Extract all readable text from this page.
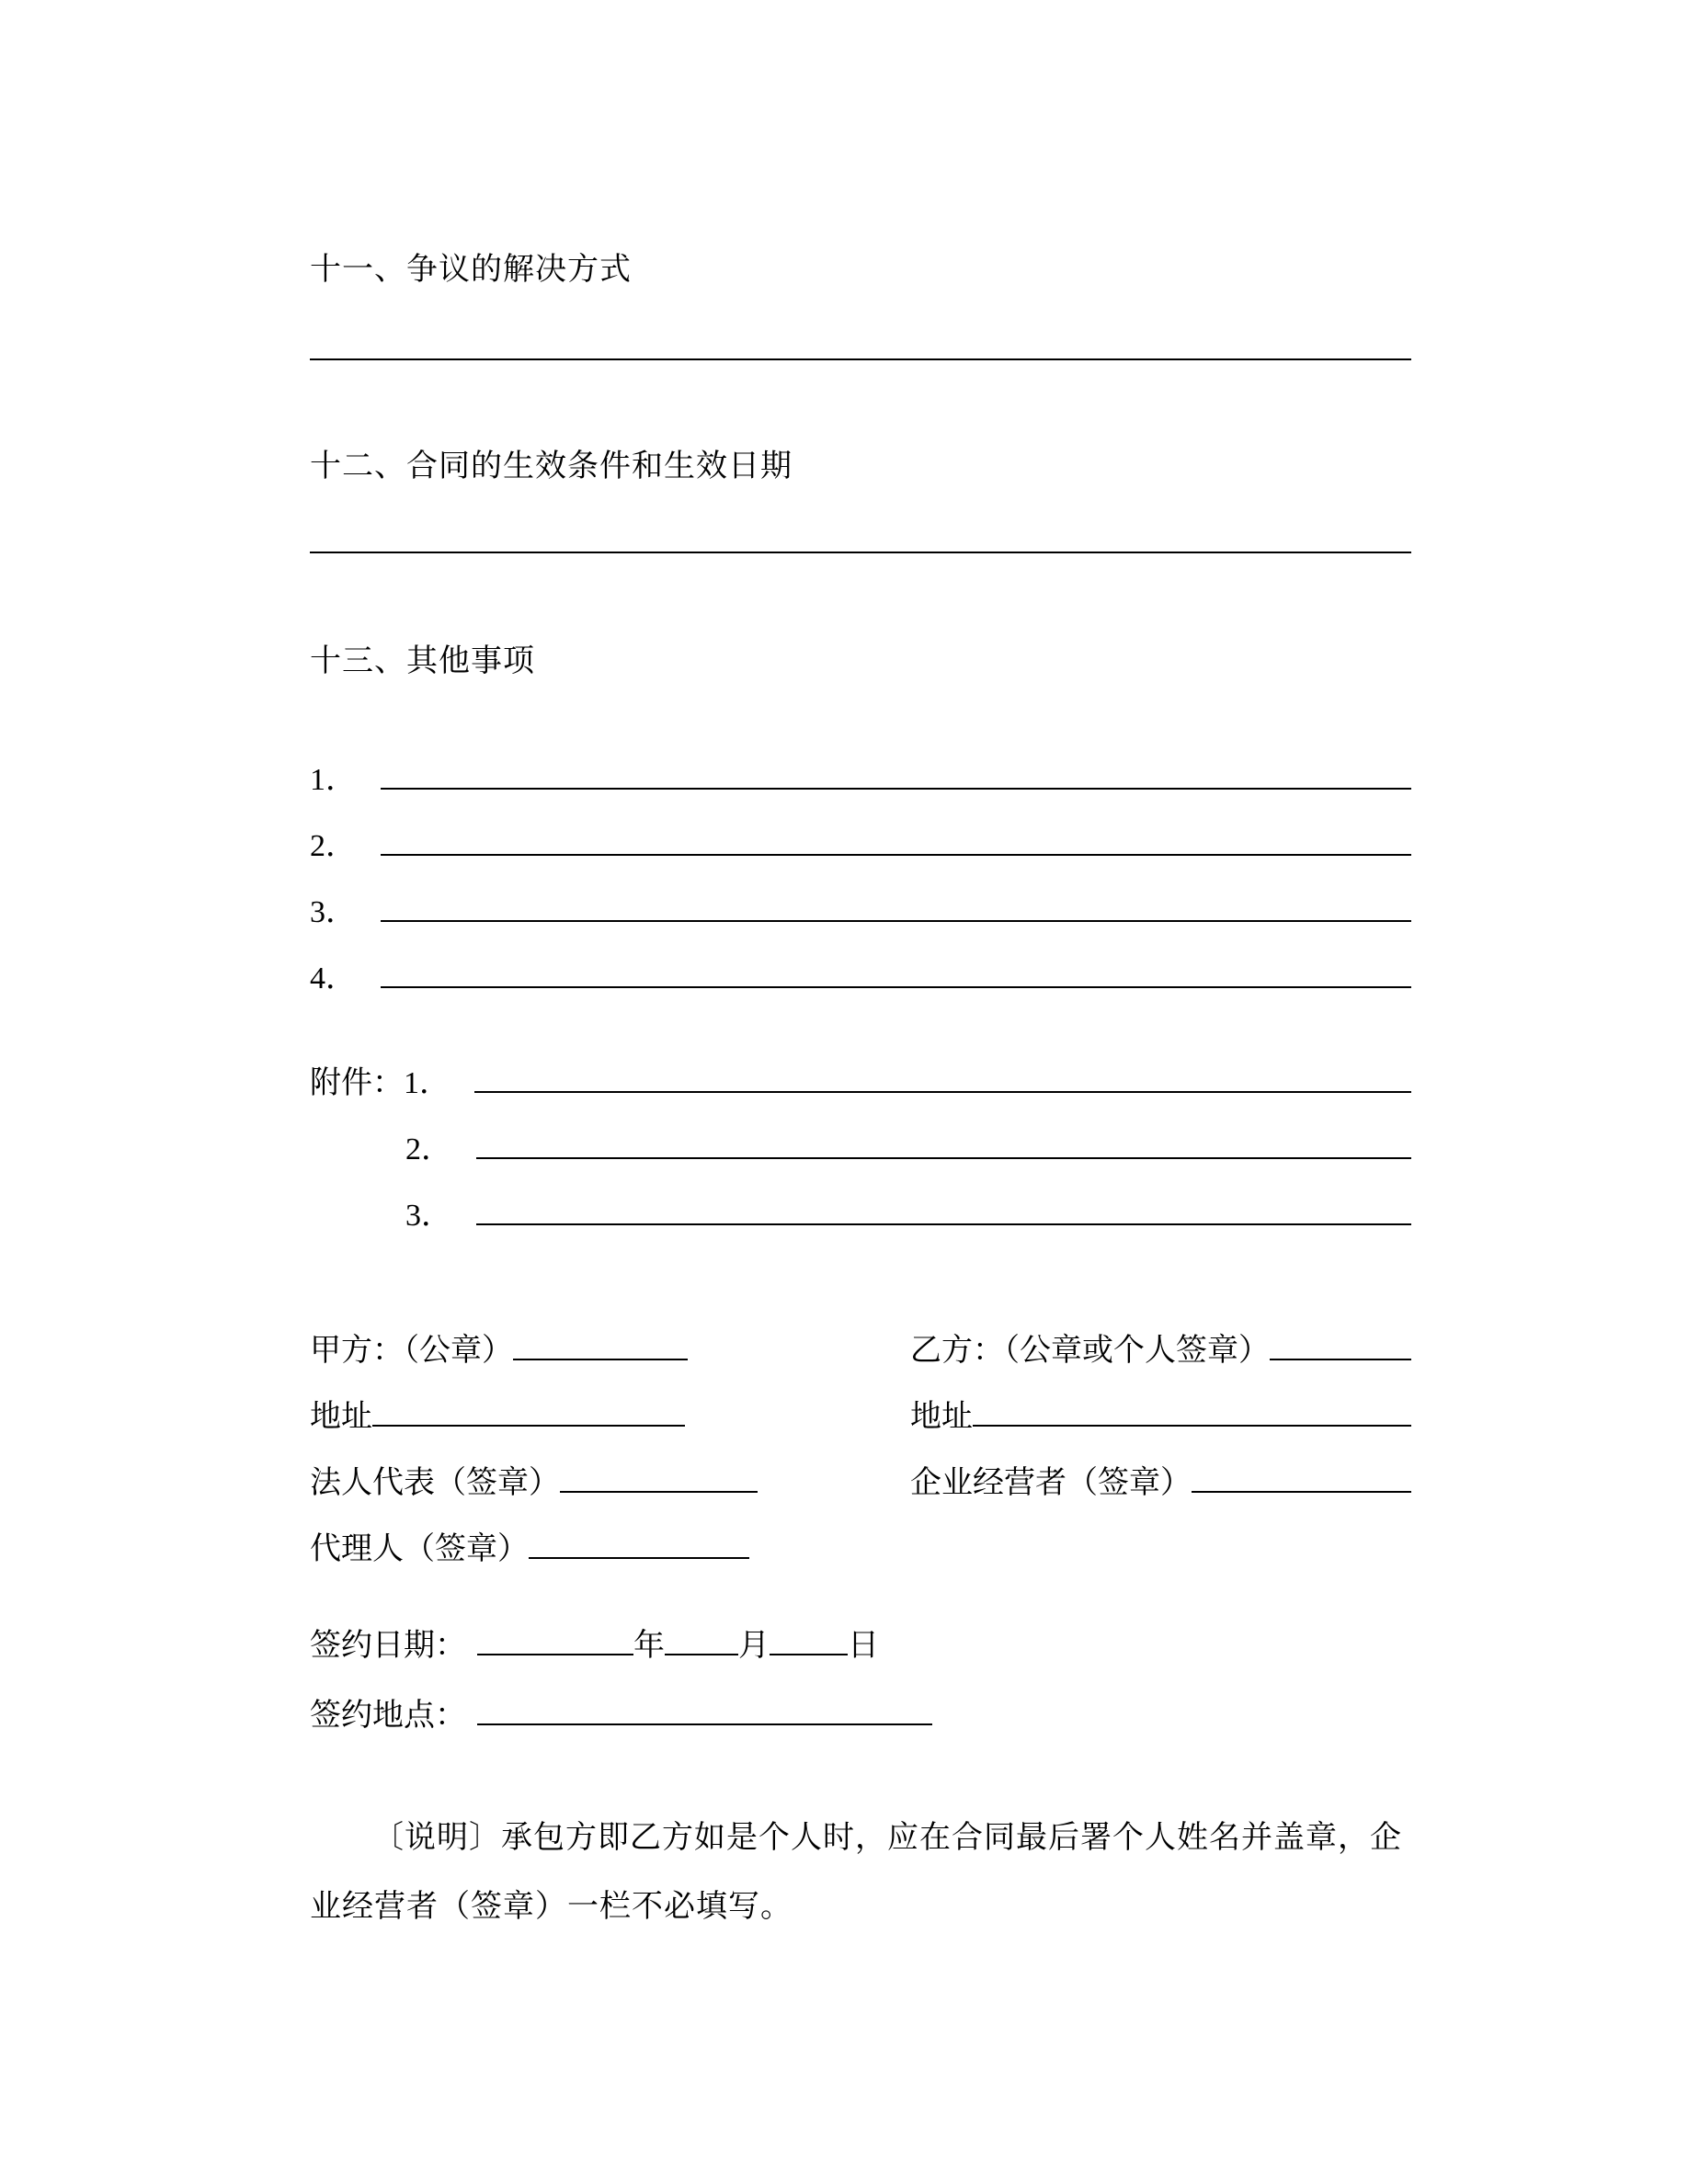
十一、争议的解决方式
十二、合同的生效条件和生效日期
十三、其他事项
1．
2．
3．
4．
附件： 1．
2．
3．
甲方：（公章）	乙方：（公章或个人签章）
地址	地址
法人代表（签章）	企业经营者（签章）
代理人（签章）
签约日期：	年 月	日
签约地点：

〔说明〕承包方即乙方如是个人时，应在合同最后署个人姓名并盖章，企业经营者（签章）一栏不必填写。
